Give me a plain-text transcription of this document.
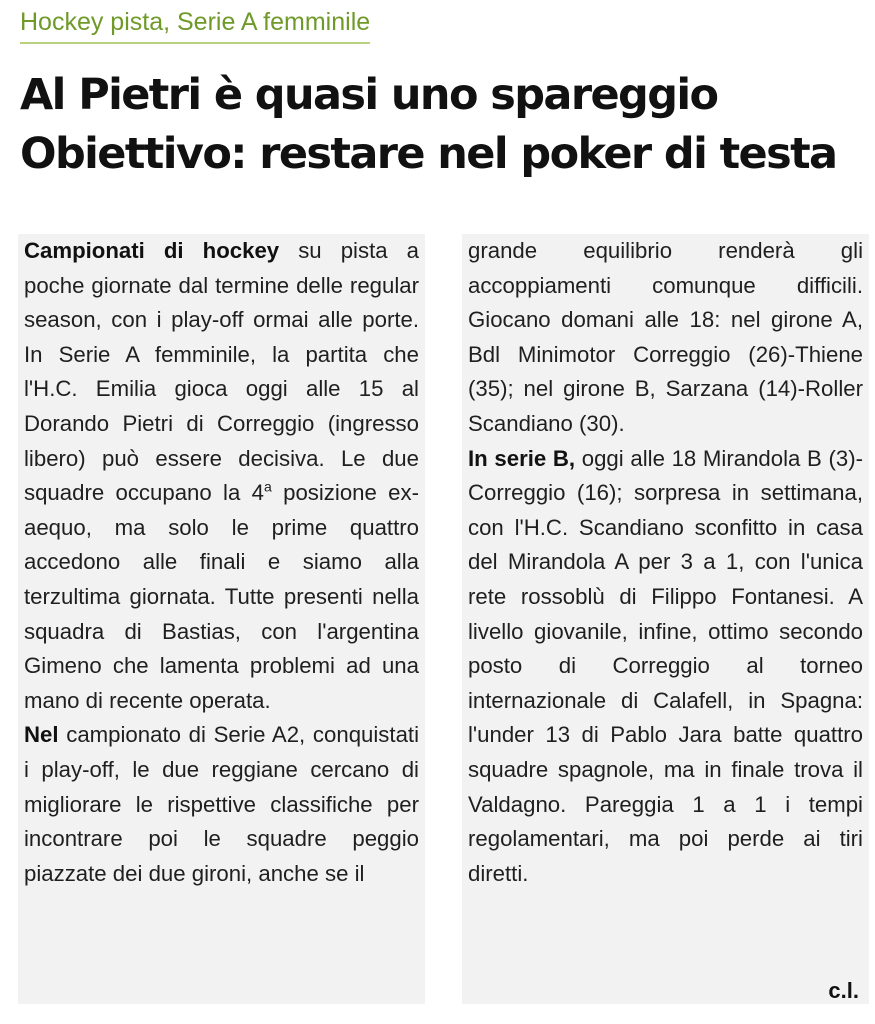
Hockey pista, Serie A femminile
Al Pietri è quasi uno spareggio
Obiettivo: restare nel poker di testa

Campionati di hockey su pista a poche giornate dal termine delle regular season, con i play-off ormai alle porte. In Serie A femminile, la partita che l'H.C. Emilia gioca oggi alle 15 al Dorando Pietri di Correggio (ingresso libero) può essere decisiva. Le due squadre occupano la 4$^a$ posizione ex-aequo, ma solo le prime quattro accedono alle finali e siamo alla terzultima giornata. Tutte presenti nella squadra di Bastias, con l'argentina Gimeno che lamenta problemi ad una mano di recente operata.

Nel campionato di Serie A2, conquistati i play-off, le due reggiane cercano di migliorare le rispettive classifiche per incontrare poi le squadre peggio piazzate dei due gironi, anche se il

grande equilibrio renderà gli accoppiamenti comunque difficili. Giocano domani alle 18: nel girone A, Bdl Minimotor Correggio (26)-Thiene (35); nel girone B, Sarzana (14)-Roller Scandiano (30).

In serie B, oggi alle 18 Mirandola B (3)-Correggio (16); sorpresa in settimana, con l'H.C. Scandiano sconfitto in casa del Mirandola A per 3 a 1, con l'unica rete rossoblù di Filippo Fontanesi. A livello giovanile, infine, ottimo secondo posto di Correggio al torneo internazionale di Calafell, in Spagna: l'under 13 di Pablo Jara batte quattro squadre spagnole, ma in finale trova il Valdagno. Pareggia 1 a 1 i tempi regolamentari, ma poi perde ai tiri diretti.

c.l.
